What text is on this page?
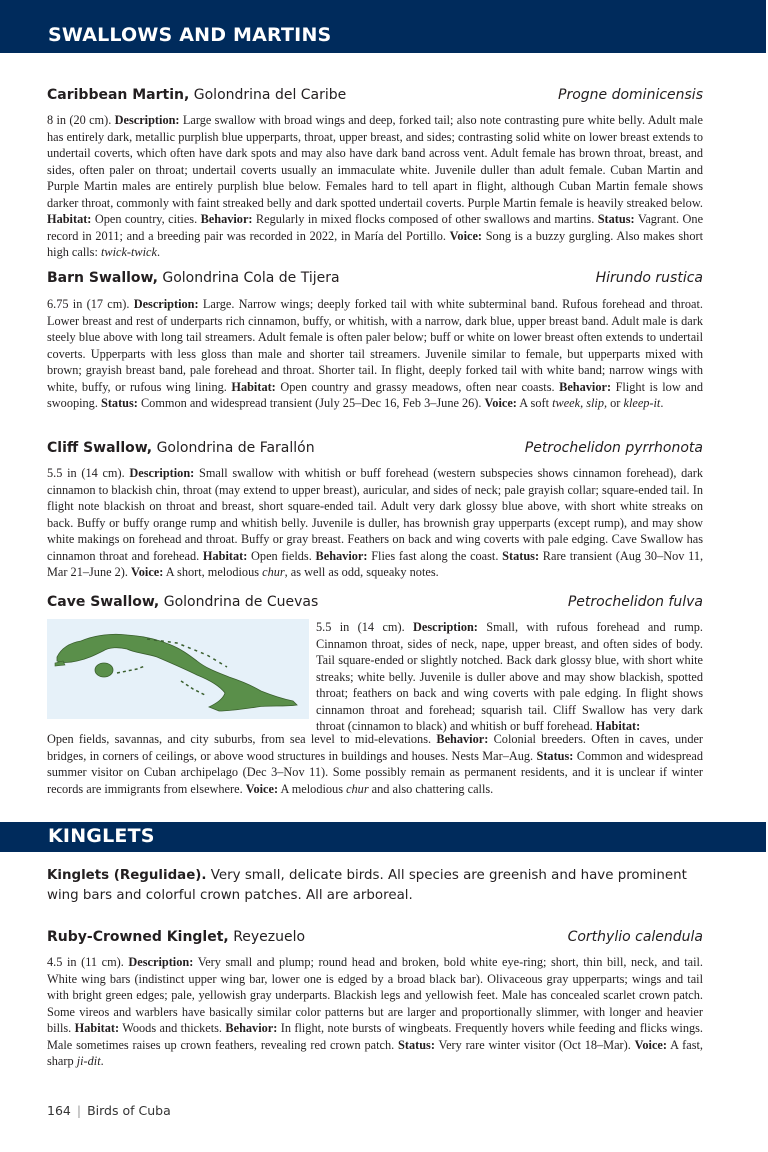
SWALLOWS AND MARTINS
Caribbean Martin, Golondrina del Caribe	Progne dominicensis
8 in (20 cm). Description: Large swallow with broad wings and deep, forked tail; also note contrasting pure white belly. Adult male has entirely dark, metallic purplish blue upperparts, throat, upper breast, and sides; contrasting solid white on lower breast extends to undertail coverts, which often have dark spots and may also have dark band across vent. Adult female has brown throat, breast, and sides, often paler on throat; undertail coverts usually an immaculate white. Juvenile duller than adult female. Cuban Martin and Purple Martin males are entirely purplish blue below. Females hard to tell apart in flight, although Cuban Martin female shows darker throat, commonly with faint streaked belly and dark spotted undertail coverts. Purple Martin female is heavily streaked below. Habitat: Open country, cities. Behavior: Regularly in mixed flocks composed of other swallows and martins. Status: Vagrant. One record in 2011; and a breeding pair was recorded in 2022, in María del Portillo. Voice: Song is a buzzy gurgling. Also makes short high calls: twick-twick.
Barn Swallow, Golondrina Cola de Tijera	Hirundo rustica
6.75 in (17 cm). Description: Large. Narrow wings; deeply forked tail with white subterminal band. Rufous forehead and throat. Lower breast and rest of underparts rich cinnamon, buffy, or whitish, with a narrow, dark blue, upper breast band. Adult male is dark steely blue above with long tail streamers. Adult female is often paler below; buff or white on lower breast often extends to undertail coverts. Upperparts with less gloss than male and shorter tail streamers. Juvenile similar to female, but upperparts mixed with brown; grayish breast band, pale forehead and throat. Shorter tail. In flight, deeply forked tail with white band; narrow wings with white, buffy, or rufous wing lining. Habitat: Open country and grassy meadows, often near coasts. Behavior: Flight is low and swooping. Status: Common and widespread transient (July 25–Dec 16, Feb 3–June 26). Voice: A soft tweek, slip, or kleep-it.
Cliff Swallow, Golondrina de Farallón	Petrochelidon pyrrhonota
5.5 in (14 cm). Description: Small swallow with whitish or buff forehead (western subspecies shows cinnamon forehead), dark cinnamon to blackish chin, throat (may extend to upper breast), auricular, and sides of neck; pale grayish collar; square-ended tail. In flight note blackish on throat and breast, short square-ended tail. Adult very dark glossy blue above, with short white streaks on back. Buffy or buffy orange rump and whitish belly. Juvenile is duller, has brownish gray upperparts (except rump), and may show white makings on forehead and throat. Buffy or gray breast. Feathers on back and wing coverts with pale edging. Cave Swallow has cinnamon throat and forehead. Habitat: Open fields. Behavior: Flies fast along the coast. Status: Rare transient (Aug 30–Nov 11, Mar 21–June 2). Voice: A short, melodious chur, as well as odd, squeaky notes.
Cave Swallow, Golondrina de Cuevas	Petrochelidon fulva
5.5 in (14 cm). Description: Small, with rufous forehead and rump. Cinnamon throat, sides of neck, nape, upper breast, and often sides of body. Tail square-ended or slightly notched. Back dark glossy blue, with short white streaks; white belly. Juvenile is duller above and may show blackish, spotted throat; feathers on back and wing coverts with pale edging. In flight shows cinnamon throat and forehead; squarish tail. Cliff Swallow has very dark throat (cinnamon to black) and whitish or buff forehead. Habitat:
Open fields, savannas, and city suburbs, from sea level to mid-elevations. Behavior: Colonial breeders. Often in caves, under bridges, in corners of ceilings, or above wood structures in buildings and houses. Nests Mar–Aug. Status: Common and widespread summer visitor on Cuban archipelago (Dec 3–Nov 11). Some possibly remain as permanent residents, and it is unclear if winter records are immigrants from elsewhere. Voice: A melodious chur and also chattering calls.
KINGLETS
Kinglets (Regulidae). Very small, delicate birds. All species are greenish and have prominent wing bars and colorful crown patches. All are arboreal.
Ruby-Crowned Kinglet, Reyezuelo	Corthylio calendula
4.5 in (11 cm). Description: Very small and plump; round head and broken, bold white eye-ring; short, thin bill, neck, and tail. White wing bars (indistinct upper wing bar, lower one is edged by a broad black bar). Olivaceous gray upperparts; wings and tail with bright green edges; pale, yellowish gray underparts. Blackish legs and yellowish feet. Male has concealed scarlet crown patch. Some vireos and warblers have basically similar color patterns but are larger and proportionally slimmer, with longer and heavier bills. Habitat: Woods and thickets. Behavior: In flight, note bursts of wingbeats. Frequently hovers while feeding and flicks wings. Male sometimes raises up crown feathers, revealing red crown patch. Status: Very rare winter visitor (Oct 18–Mar). Voice: A fast, sharp ji-dit.
164 | Birds of Cuba
